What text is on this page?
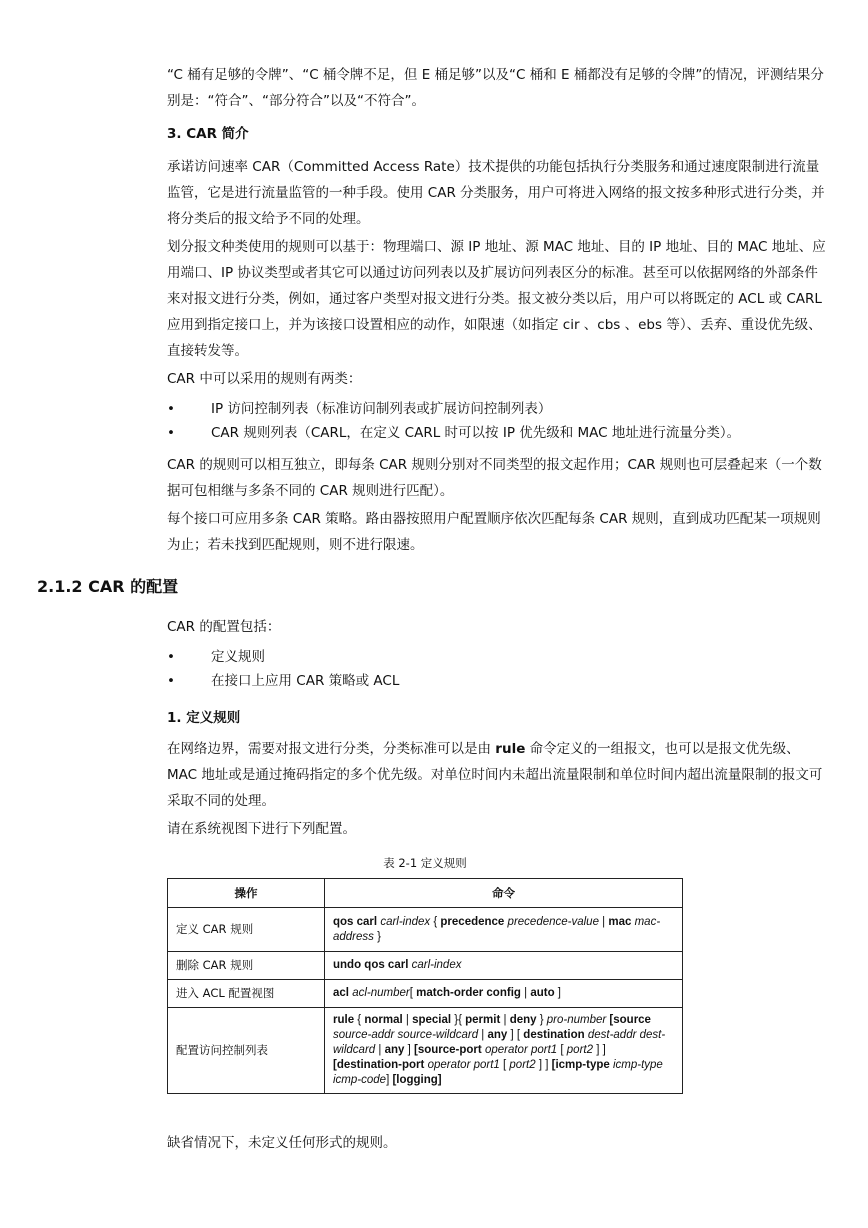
“C 桶有足够的令牌”、“C 桶令牌不足，但 E 桶足够”以及“C 桶和 E 桶都没有足够的令牌”的情况，评测结果分别是：“符合”、“部分符合”以及“不符合”。

3. CAR 简介

承诺访问速率 CAR（Committed Access Rate）技术提供的功能包括执行分类服务和通过速度限制进行流量监管，它是进行流量监管的一种手段。使用 CAR 分类服务，用户可将进入网络的报文按多种形式进行分类，并将分类后的报文给予不同的处理。

划分报文种类使用的规则可以基于：物理端口、源 IP 地址、源 MAC 地址、目的 IP 地址、目的 MAC 地址、应用端口、IP 协议类型或者其它可以通过访问列表以及扩展访问列表区分的标准。甚至可以依据网络的外部条件来对报文进行分类，例如，通过客户类型对报文进行分类。报文被分类以后，用户可以将既定的 ACL 或 CARL 应用到指定接口上，并为该接口设置相应的动作，如限速（如指定 cir 、cbs 、ebs 等）、丢弃、重设优先级、直接转发等。

CAR 中可以采用的规则有两类：

•	IP 访问控制列表（标准访问制列表或扩展访问控制列表）
•	CAR 规则列表（CARL，在定义 CARL 时可以按 IP 优先级和 MAC 地址进行流量分类）。

CAR 的规则可以相互独立，即每条 CAR 规则分别对不同类型的报文起作用；CAR 规则也可层叠起来（一个数据可包相继与多条不同的 CAR 规则进行匹配）。

每个接口可应用多条 CAR 策略。路由器按照用户配置顺序依次匹配每条 CAR 规则，直到成功匹配某一项规则为止；若未找到匹配规则，则不进行限速。

2.1.2 CAR 的配置

CAR 的配置包括：

•	定义规则
•	在接口上应用 CAR 策略或 ACL
1. 定义规则

在网络边界，需要对报文进行分类，分类标准可以是由 rule 命令定义的一组报文，也可以是报文优先级、MAC 地址或是通过掩码指定的多个优先级。对单位时间内未超出流量限制和单位时间内超出流量限制的报文可采取不同的处理。

请在系统视图下进行下列配置。

表 2-1 定义规则
操作	命令
定义 CAR 规则	qos carl carl-index { precedence precedence-value | mac mac-address }
删除 CAR 规则	undo qos carl carl-index
进入 ACL 配置视图	acl acl-number[ match-order config | auto ]
配置访问控制列表	rule { normal | special }{ permit | deny } pro-number [source source-addr source-wildcard | any ] [ destination dest-addr dest- wildcard | any ] [source-port operator port1 [ port2 ] ] [destination-port operator port1 [ port2 ] ] [icmp-type icmp-type icmp-code] [logging]

缺省情况下，未定义任何形式的规则。
